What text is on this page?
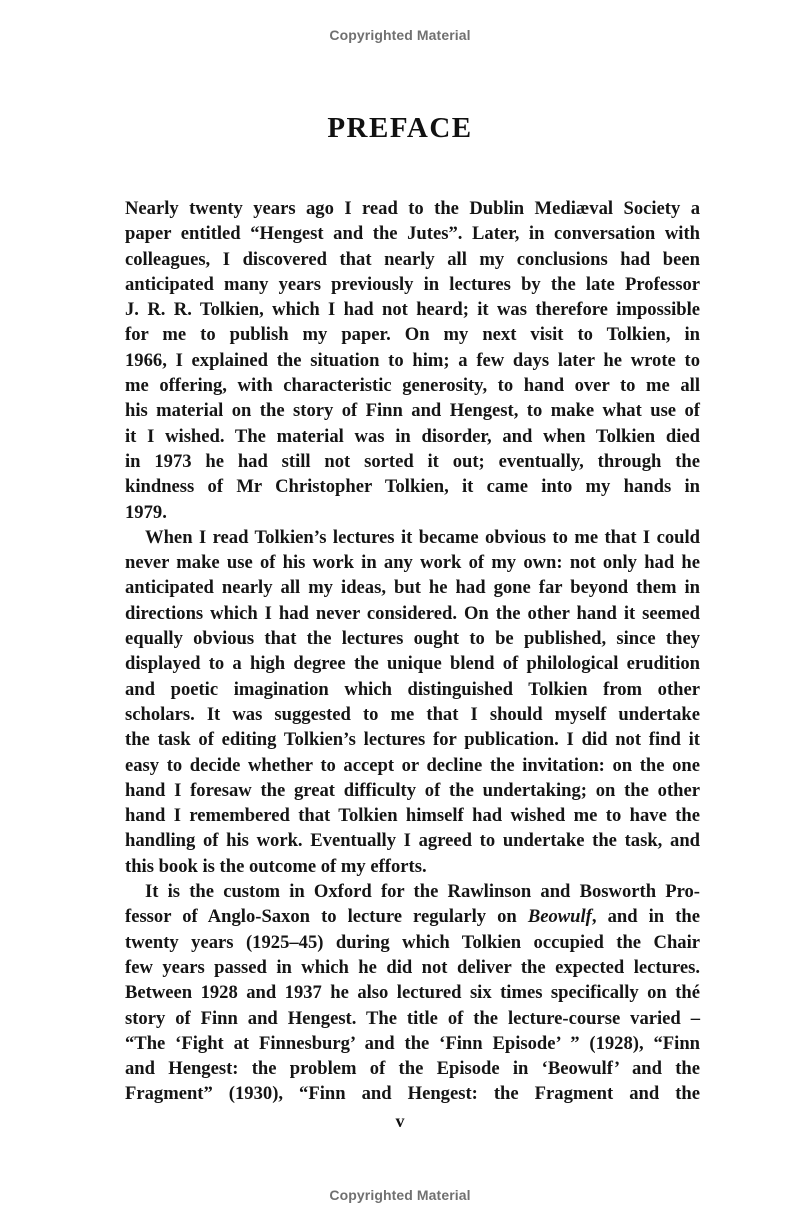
Copyrighted Material
PREFACE
Nearly twenty years ago I read to the Dublin Mediæval Society a
paper entitled “Hengest and the Jutes”. Later, in conversation with
colleagues, I discovered that nearly all my conclusions had been
anticipated many years previously in lectures by the late Professor
J. R. R. Tolkien, which I had not heard; it was therefore impossible
for me to publish my paper. On my next visit to Tolkien, in
1966, I explained the situation to him; a few days later he wrote to
me offering, with characteristic generosity, to hand over to me all
his material on the story of Finn and Hengest, to make what use of
it I wished. The material was in disorder, and when Tolkien died
in 1973 he had still not sorted it out; eventually, through the
kindness of Mr Christopher Tolkien, it came into my hands in
1979.
When I read Tolkien’s lectures it became obvious to me that I could
never make use of his work in any work of my own: not only had he
anticipated nearly all my ideas, but he had gone far beyond them in
directions which I had never considered. On the other hand it seemed
equally obvious that the lectures ought to be published, since they
displayed to a high degree the unique blend of philological erudition
and poetic imagination which distinguished Tolkien from other
scholars. It was suggested to me that I should myself undertake
the task of editing Tolkien’s lectures for publication. I did not find it
easy to decide whether to accept or decline the invitation: on the one
hand I foresaw the great difficulty of the undertaking; on the other
hand I remembered that Tolkien himself had wished me to have the
handling of his work. Eventually I agreed to undertake the task, and
this book is the outcome of my efforts.
It is the custom in Oxford for the Rawlinson and Bosworth Pro-
fessor of Anglo-Saxon to lecture regularly on Beowulf, and in the
twenty years (1925–45) during which Tolkien occupied the Chair
few years passed in which he did not deliver the expected lectures.
Between 1928 and 1937 he also lectured six times specifically on thé
story of Finn and Hengest. The title of the lecture-course varied –
“The ‘Fight at Finnesburg’ and the ‘Finn Episode’ ” (1928), “Finn
and Hengest: the problem of the Episode in ‘Beowulf’ and the
Fragment” (1930), “Finn and Hengest: the Fragment and the
v
Copyrighted Material
